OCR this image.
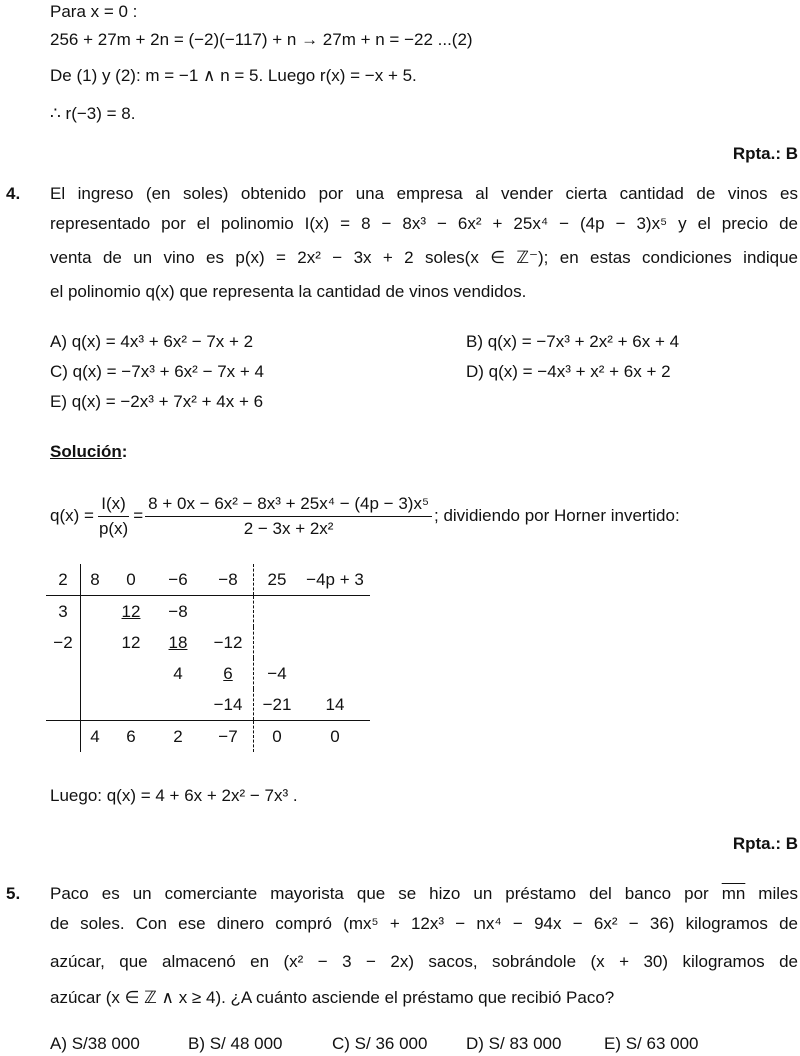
Para x = 0 :
256 + 27m + 2n = (−2)(−117) + n → 27m + n = −22 ...(2)
De (1) y (2): m = −1 ∧ n = 5. Luego r(x) = −x + 5.
∴ r(−3) = 8.
Rpta.: B
4. El ingreso (en soles) obtenido por una empresa al vender cierta cantidad de vinos es
representado por el polinomio I(x) = 8 − 8x³ − 6x² + 25x⁴ − (4p − 3)x⁵ y el precio de
venta de un vino es p(x) = 2x² − 3x + 2 soles(x ∈ ℤ⁻); en estas condiciones indique
el polinomio q(x) que representa la cantidad de vinos vendidos.
A) q(x) = 4x³ + 6x² − 7x + 2	B) q(x) = −7x³ + 2x² + 6x + 4
C) q(x) = −7x³ + 6x² − 7x + 4	D) q(x) = −4x³ + x² + 6x + 2
E) q(x) = −2x³ + 7x² + 4x + 6
Solución:
$q(x) = \frac{I(x)}{p(x)} = \frac{\text{8 + 0x − 6x² − 8x³ + 25x⁴ − (4p − 3)x⁵}}{\text{2 − 3x + 2x²}}$ ; dividiendo por Horner invertido:
2	8	0	−6	−8	25	−4p + 3
3		12	−8			
−2		12	18	−12		
			4	6	−4	
				−14	−21	14
	4	6	2	−7	0	0
Luego: q(x) = 4 + 6x + 2x² − 7x³ .
Rpta.: B
5. Paco es un comerciante mayorista que se hizo un préstamo del banco por $\overline{mn}$ miles
de soles. Con ese dinero compró (mx⁵ + 12x³ − nx⁴ − 94x − 6x² − 36) kilogramos de
azúcar, que almacenó en (x² − 3 − 2x) sacos, sobrándole (x + 30) kilogramos de
azúcar (x ∈ ℤ ∧ x ≥ 4). ¿A cuánto asciende el préstamo que recibió Paco?
A) S/38 000	B) S/ 48 000	C) S/ 36 000 D) S/ 83 000	E) S/ 63 000
